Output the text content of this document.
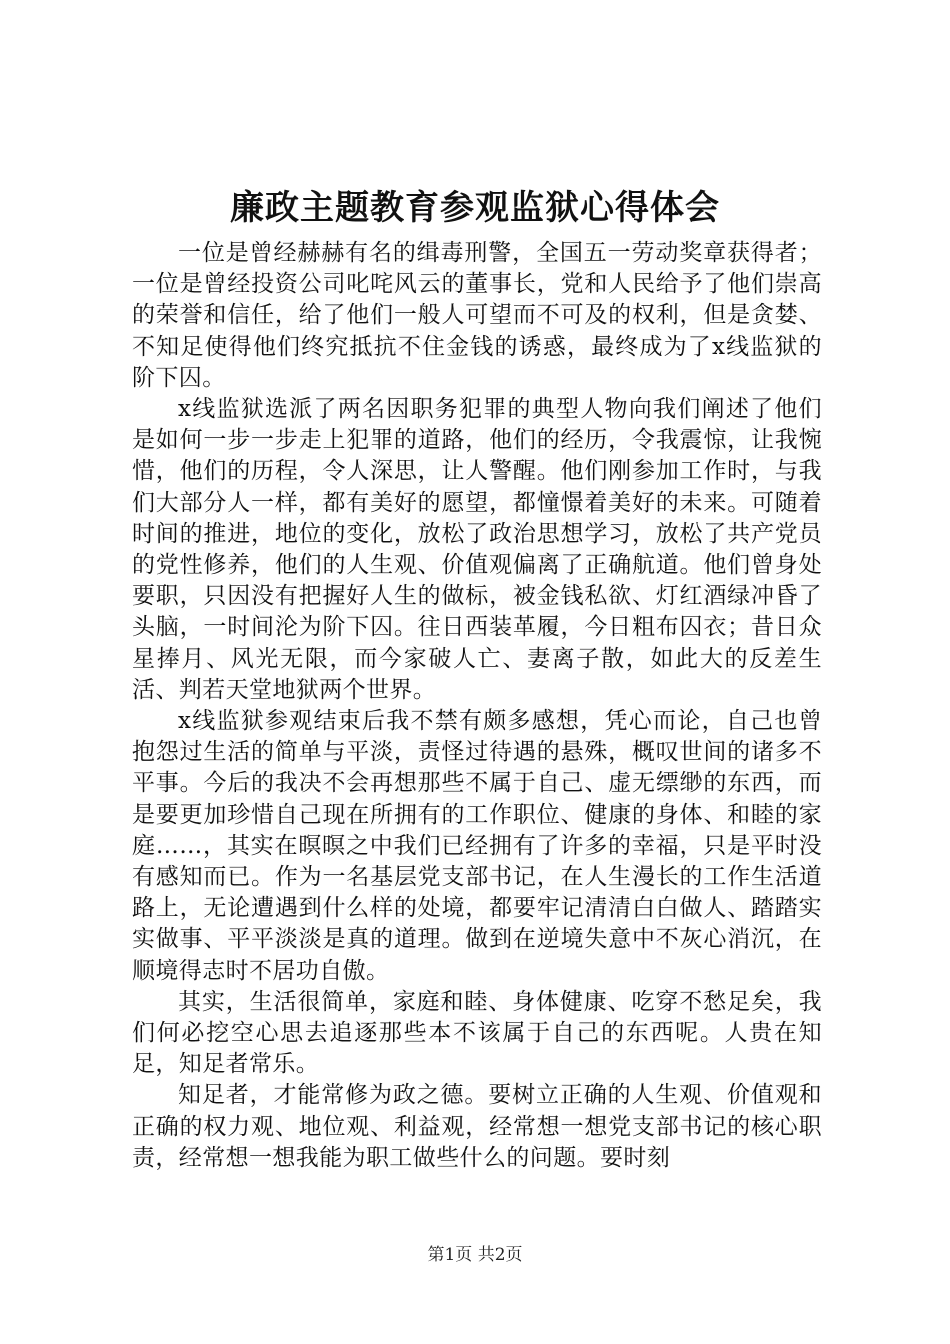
廉政主题教育参观监狱心得体会

一位是曾经赫赫有名的缉毒刑警，全国五一劳动奖章获得者；一位是曾经投资公司叱咤风云的董事长，党和人民给予了他们崇高的荣誉和信任，给了他们一般人可望而不可及的权利，但是贪婪、不知足使得他们终究抵抗不住金钱的诱惑，最终成为了x线监狱的阶下囚。

x线监狱选派了两名因职务犯罪的典型人物向我们阐述了他们是如何一步一步走上犯罪的道路，他们的经历，令我震惊，让我惋惜，他们的历程，令人深思，让人警醒。他们刚参加工作时，与我们大部分人一样，都有美好的愿望，都憧憬着美好的未来。可随着时间的推进，地位的变化，放松了政治思想学习，放松了共产党员的党性修养，他们的人生观、价值观偏离了正确航道。他们曾身处要职，只因没有把握好人生的做标，被金钱私欲、灯红酒绿冲昏了头脑，一时间沦为阶下囚。往日西装革履，今日粗布囚衣；昔日众星捧月、风光无限，而今家破人亡、妻离子散，如此大的反差生活、判若天堂地狱两个世界。

x线监狱参观结束后我不禁有颇多感想，凭心而论，自己也曾抱怨过生活的简单与平淡，责怪过待遇的悬殊，概叹世间的诸多不平事。今后的我决不会再想那些不属于自己、虚无缥缈的东西，而是要更加珍惜自己现在所拥有的工作职位、健康的身体、和睦的家庭……，其实在暝暝之中我们已经拥有了许多的幸福，只是平时没有感知而已。作为一名基层党支部书记，在人生漫长的工作生活道路上，无论遭遇到什么样的处境，都要牢记清清白白做人、踏踏实实做事、平平淡淡是真的道理。做到在逆境失意中不灰心消沉，在顺境得志时不居功自傲。

其实，生活很简单，家庭和睦、身体健康、吃穿不愁足矣，我们何必挖空心思去追逐那些本不该属于自己的东西呢。人贵在知足，知足者常乐。

知足者，才能常修为政之德。要树立正确的人生观、价值观和正确的权力观、地位观、利益观，经常想一想党支部书记的核心职责，经常想一想我能为职工做些什么的问题。要时刻

第1页 共2页
